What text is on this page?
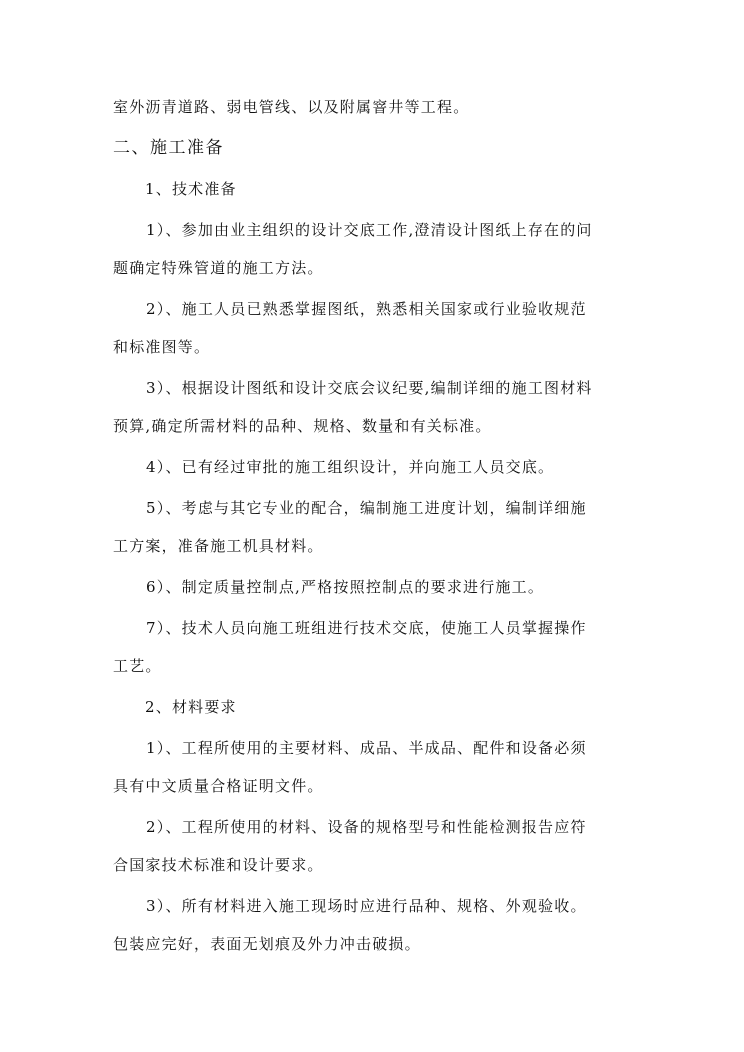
室外沥青道路、弱电管线、以及附属窨井等工程。
二、施工准备
1、技术准备
1）、参加由业主组织的设计交底工作,澄清设计图纸上存在的问
题确定特殊管道的施工方法。
2）、施工人员已熟悉掌握图纸，熟悉相关国家或行业验收规范
和标准图等。
3）、根据设计图纸和设计交底会议纪要,编制详细的施工图材料
预算,确定所需材料的品种、规格、数量和有关标准。
4）、已有经过审批的施工组织设计，并向施工人员交底。
5）、考虑与其它专业的配合，编制施工进度计划，编制详细施
工方案，准备施工机具材料。
6）、制定质量控制点,严格按照控制点的要求进行施工。
7）、技术人员向施工班组进行技术交底，使施工人员掌握操作
工艺。
2、材料要求
1）、工程所使用的主要材料、成品、半成品、配件和设备必须
具有中文质量合格证明文件。
2）、工程所使用的材料、设备的规格型号和性能检测报告应符
合国家技术标准和设计要求。
3）、所有材料进入施工现场时应进行品种、规格、外观验收。
包装应完好，表面无划痕及外力冲击破损。
